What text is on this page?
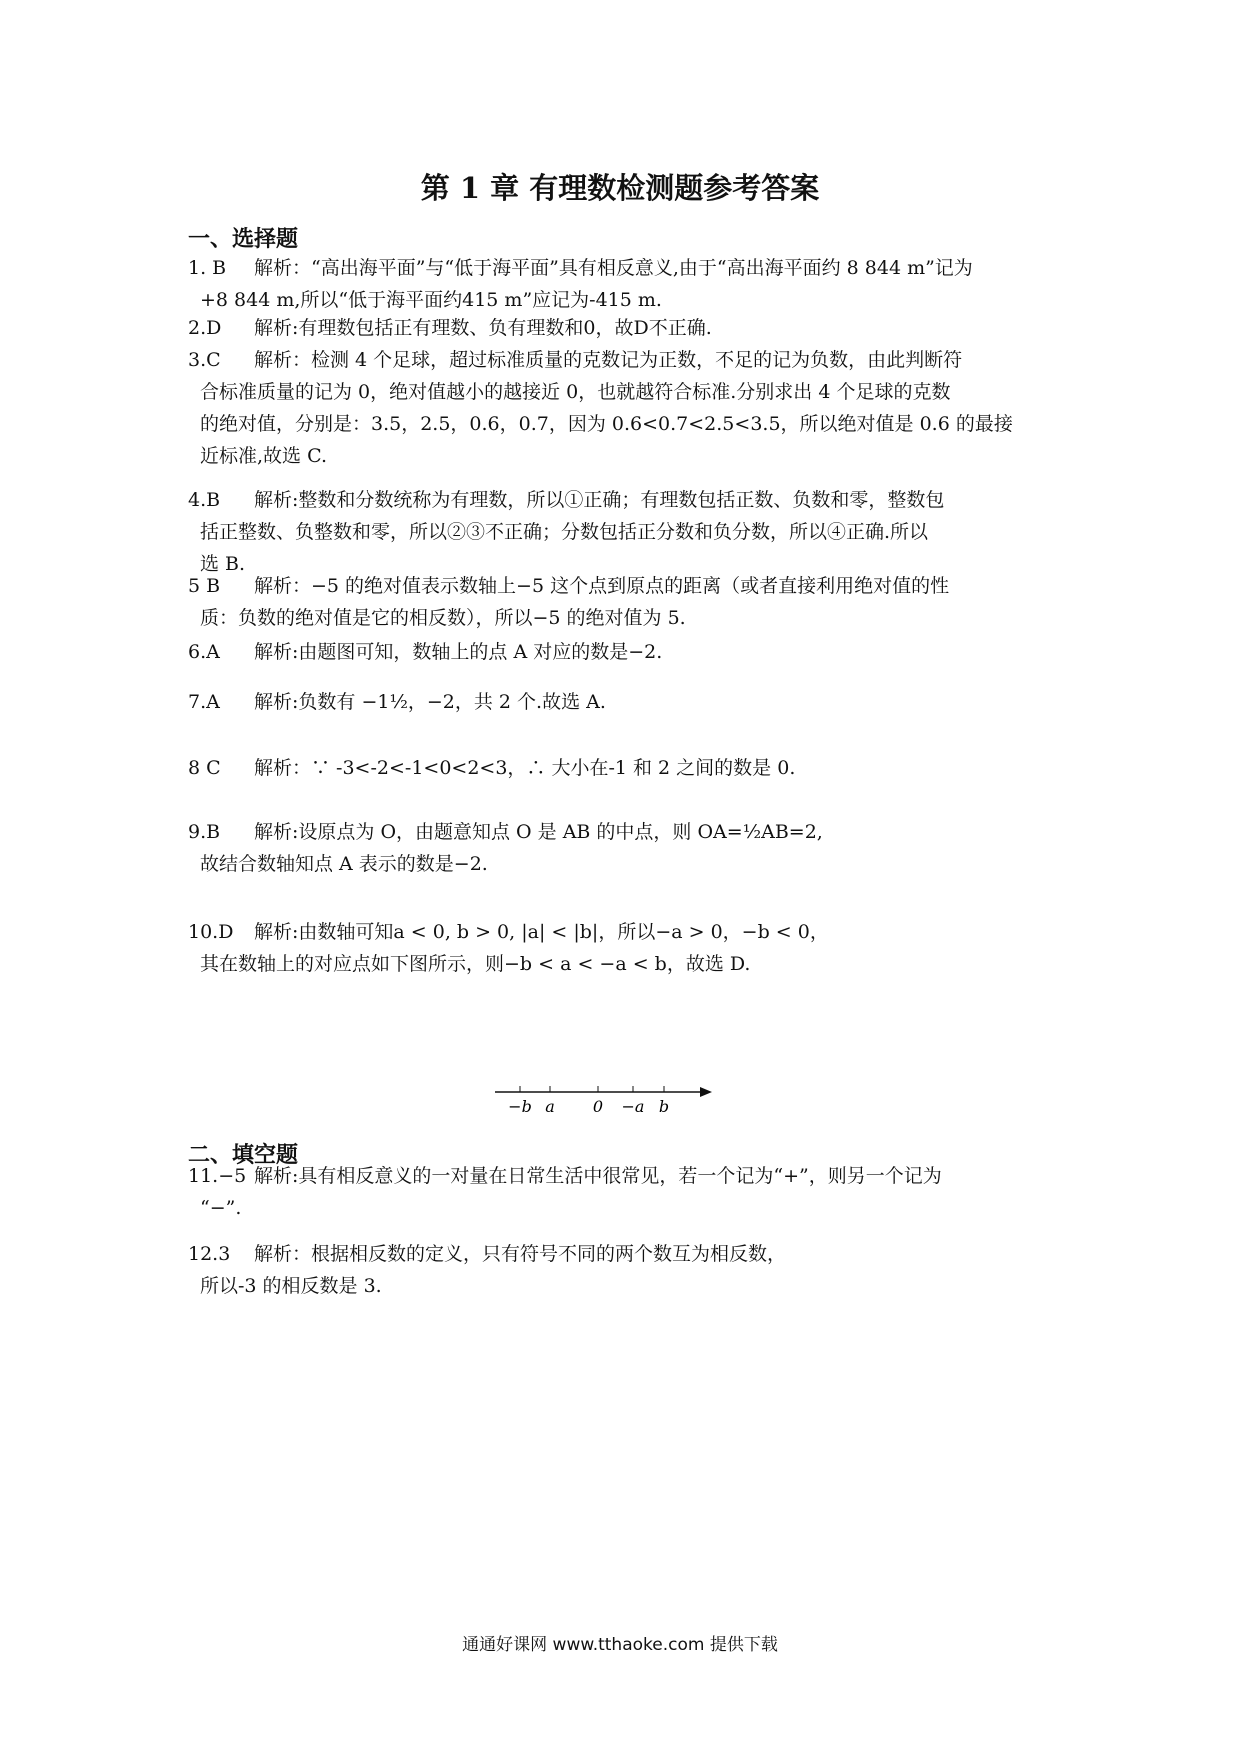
第 1 章 有理数检测题参考答案
一、选择题
1. B 解析：“高出海平面”与“低于海平面”具有相反意义,由于“高出海平面约 8 844 m”记为
+8 844 m,所以“低于海平面约415 m”应记为-415 m.
2.D 解析:有理数包括正有理数、负有理数和0，故D不正确.
3.C 解析：检测 4 个足球，超过标准质量的克数记为正数，不足的记为负数，由此判断符
合标准质量的记为 0，绝对值越小的越接近 0，也就越符合标准.分别求出 4 个足球的克数
的绝对值，分别是：3.5，2.5，0.6，0.7，因为 0.6<0.7<2.5<3.5，所以绝对值是 0.6 的最接
近标准,故选 C.
4.B 解析:整数和分数统称为有理数，所以①正确；有理数包括正数、负数和零，整数包
括正整数、负整数和零，所以②③不正确；分数包括正分数和负分数，所以④正确.所以
选 B.
5 B 解析：−5 的绝对值表示数轴上−5 这个点到原点的距离（或者直接利用绝对值的性
质：负数的绝对值是它的相反数），所以−5 的绝对值为 5.
6.A 解析:由题图可知，数轴上的点 A 对应的数是−2.
7.A 解析:负数有 −1½，−2，共 2 个.故选 A.
8 C 解析：∵ -3<-2<-1<0<2<3，∴ 大小在-1 和 2 之间的数是 0.
9.B 解析:设原点为 O，由题意知点 O 是 AB 的中点，则 OA=½AB=2,
故结合数轴知点 A 表示的数是−2.
10.D 解析:由数轴可知a < 0, b > 0, |a| < |b|，所以−a > 0，−b < 0，
其在数轴上的对应点如下图所示，则−b < a < −a < b，故选 D.
11.−5 解析:具有相反意义的一对量在日常生活中很常见，若一个记为“+”，则另一个记为
“−”.
12.3 解析：根据相反数的定义，只有符号不同的两个数互为相反数，
所以-3 的相反数是 3.
−b a 0 −a b
二、填空题
通通好课网 www.tthaoke.com 提供下载
